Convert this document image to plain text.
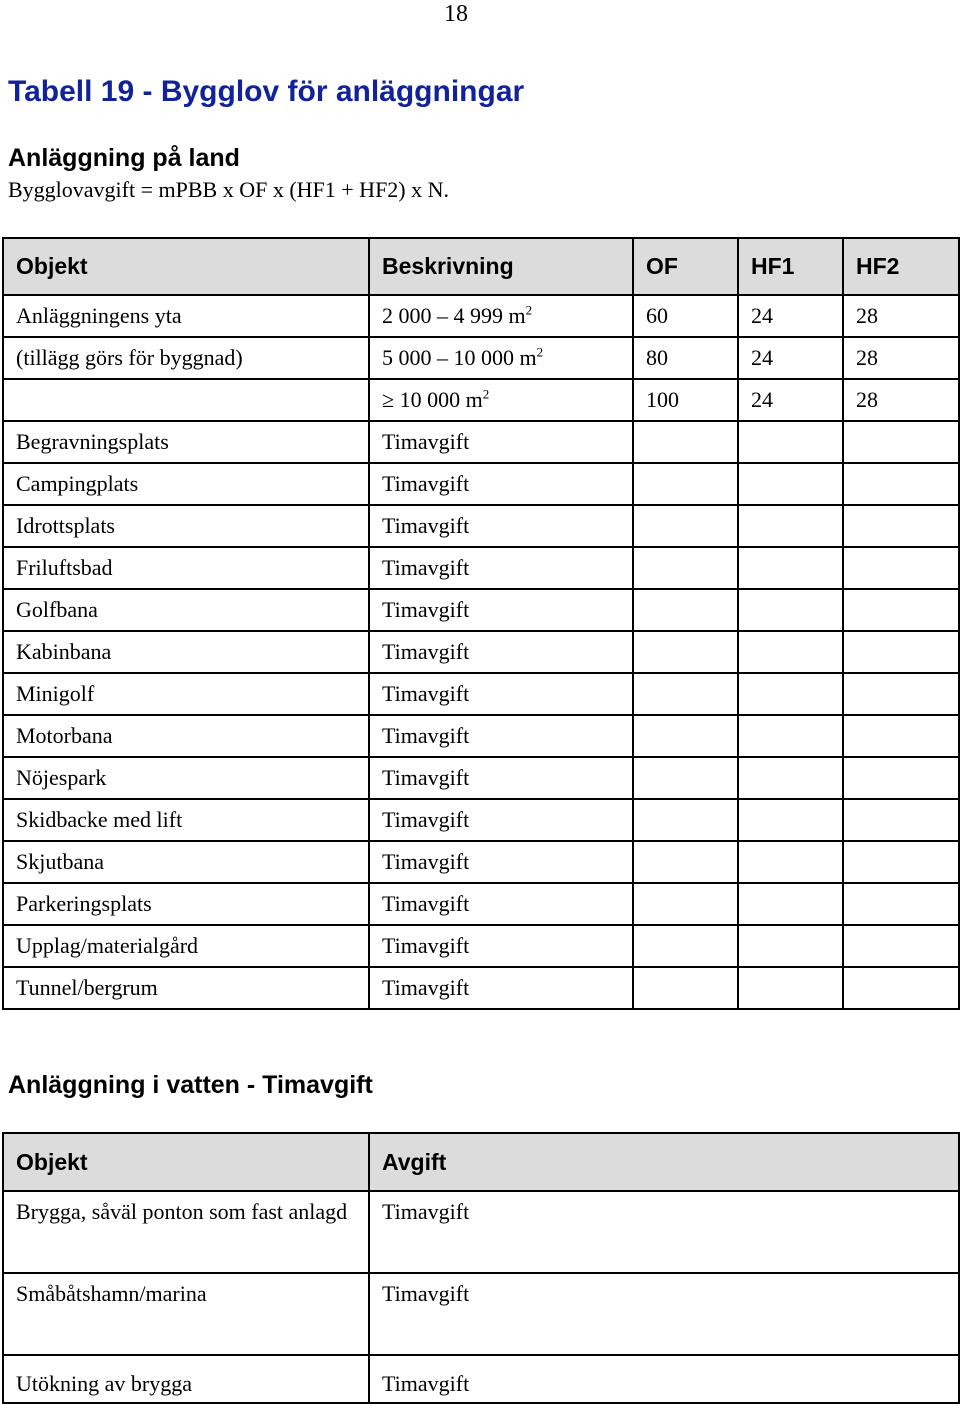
18
Tabell 19 - Bygglov för anläggningar
Anläggning på land
Bygglovavgift = mPBB x OF x (HF1 + HF2) x N.
Objekt	Beskrivning	OF	HF1	HF2
Anläggningens yta	2 000 – 4 999 $m^2$	60	24	28
(tillägg görs för byggnad)	5 000 – 10 000 $m^2$	80	24	28
	≥ 10 000 $m^2$	100	24	28
Begravningsplats	Timavgift			
Campingplats	Timavgift			
Idrottsplats	Timavgift			
Friluftsbad	Timavgift			
Golfbana	Timavgift			
Kabinbana	Timavgift			
Minigolf	Timavgift			
Motorbana	Timavgift			
Nöjespark	Timavgift			
Skidbacke med lift	Timavgift			
Skjutbana	Timavgift			
Parkeringsplats	Timavgift			
Upplag/materialgård	Timavgift			
Tunnel/bergrum	Timavgift			
Anläggning i vatten - Timavgift
Objekt	Avgift
Brygga, såväl ponton som fast anlagd	Timavgift
Småbåtshamn/marina	Timavgift
Utökning av brygga	Timavgift
